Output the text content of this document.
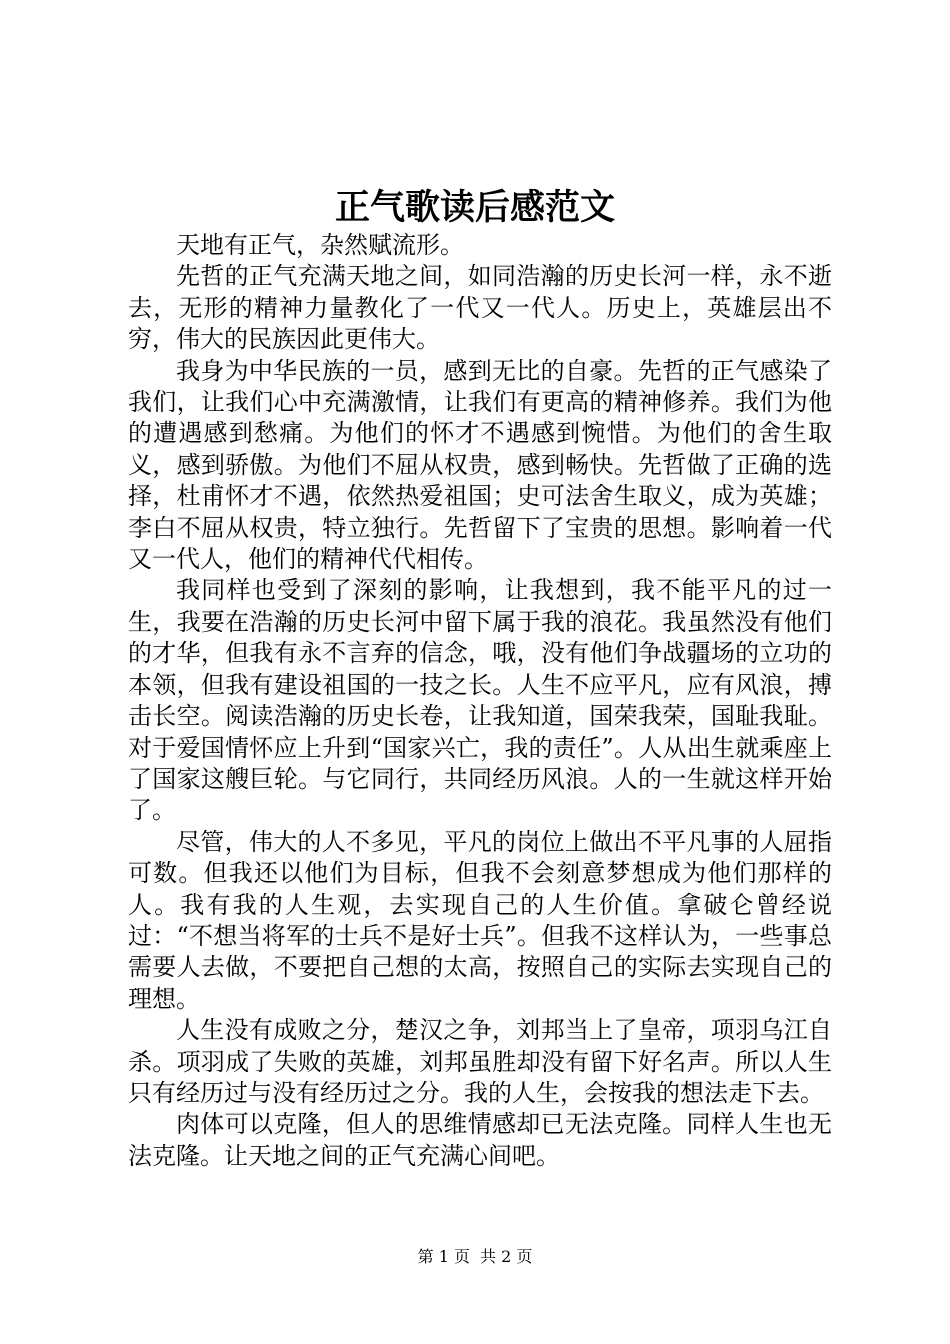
正气歌读后感范文

天地有正气，杂然赋流形。

先哲的正气充满天地之间，如同浩瀚的历史长河一样，永不逝去，无形的精神力量教化了一代又一代人。历史上，英雄层出不穷，伟大的民族因此更伟大。

我身为中华民族的一员，感到无比的自豪。先哲的正气感染了我们，让我们心中充满激情，让我们有更高的精神修养。我们为他的遭遇感到愁痛。为他们的怀才不遇感到惋惜。为他们的舍生取义，感到骄傲。为他们不屈从权贵，感到畅快。先哲做了正确的选择，杜甫怀才不遇，依然热爱祖国；史可法舍生取义，成为英雄；李白不屈从权贵，特立独行。先哲留下了宝贵的思想。影响着一代又一代人，他们的精神代代相传。

我同样也受到了深刻的影响，让我想到，我不能平凡的过一生，我要在浩瀚的历史长河中留下属于我的浪花。我虽然没有他们的才华，但我有永不言弃的信念，哦，没有他们争战疆场的立功的本领，但我有建设祖国的一技之长。人生不应平凡，应有风浪，搏击长空。阅读浩瀚的历史长卷，让我知道，国荣我荣，国耻我耻。对于爱国情怀应上升到“国家兴亡，我的责任”。人从出生就乘座上了国家这艘巨轮。与它同行，共同经历风浪。人的一生就这样开始了。

尽管，伟大的人不多见，平凡的岗位上做出不平凡事的人屈指可数。但我还以他们为目标，但我不会刻意梦想成为他们那样的人。我有我的人生观，去实现自己的人生价值。拿破仑曾经说过：“不想当将军的士兵不是好士兵”。但我不这样认为，一些事总需要人去做，不要把自己想的太高，按照自己的实际去实现自己的理想。

人生没有成败之分，楚汉之争，刘邦当上了皇帝，项羽乌江自杀。项羽成了失败的英雄，刘邦虽胜却没有留下好名声。所以人生只有经历过与没有经历过之分。我的人生，会按我的想法走下去。

肉体可以克隆，但人的思维情感却已无法克隆。同样人生也无法克隆。让天地之间的正气充满心间吧。

第 1 页 共 2 页
